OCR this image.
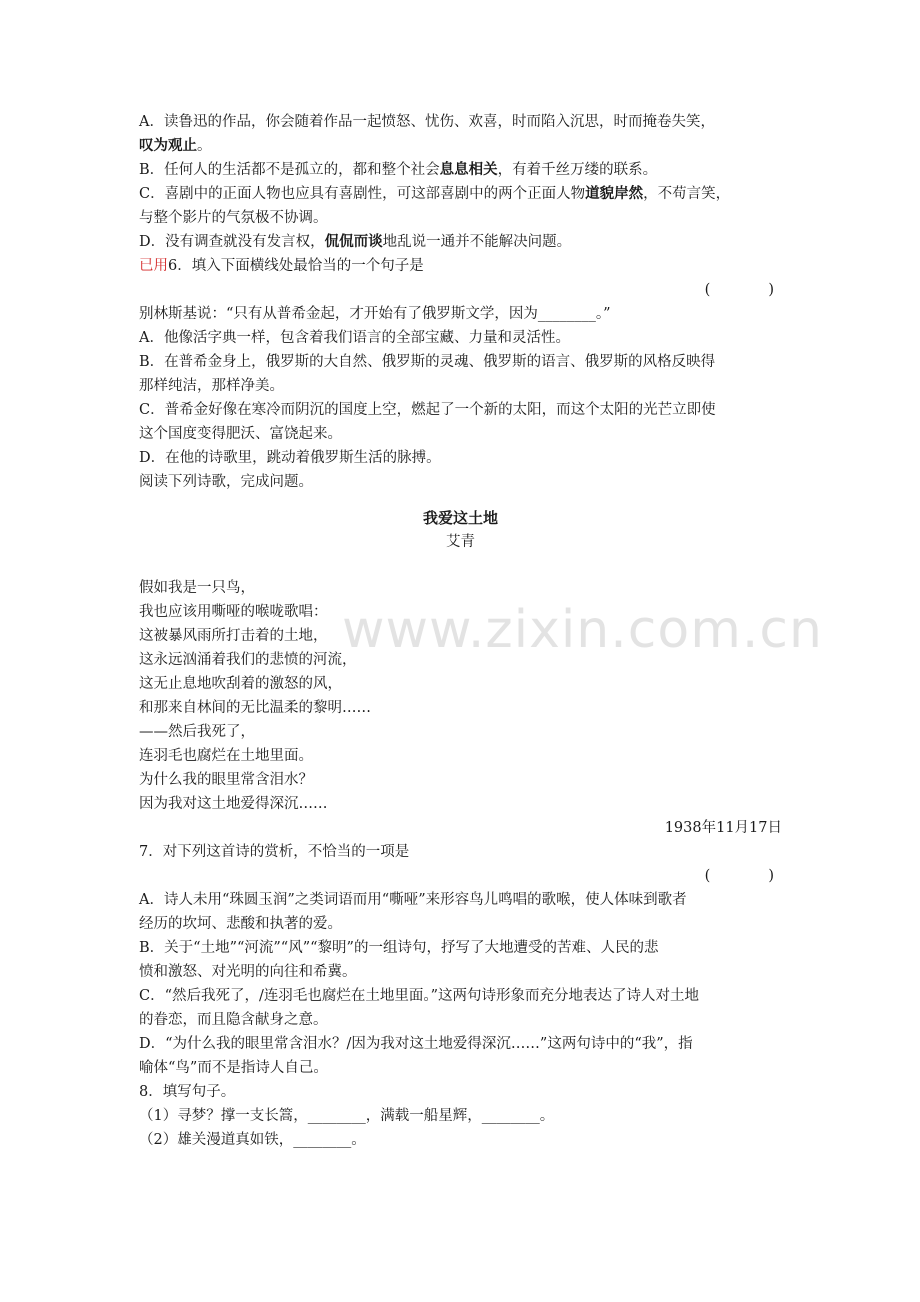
www.zixin.com.cn
A．读鲁迅的作品，你会随着作品一起愤怒、忧伤、欢喜，时而陷入沉思，时而掩卷失笑，
叹为观止。
B．任何人的生活都不是孤立的，都和整个社会息息相关，有着千丝万缕的联系。
C．喜剧中的正面人物也应具有喜剧性，可这部喜剧中的两个正面人物道貌岸然，不苟言笑，
与整个影片的气氛极不协调。
D．没有调查就没有发言权，侃侃而谈地乱说一通并不能解决问题。
已用6．填入下面横线处最恰当的一个句子是
(　　　　)
别林斯基说：“只有从普希金起，才开始有了俄罗斯文学，因为________。”
A．他像活字典一样，包含着我们语言的全部宝藏、力量和灵活性。
B．在普希金身上，俄罗斯的大自然、俄罗斯的灵魂、俄罗斯的语言、俄罗斯的风格反映得
那样纯洁，那样净美。
C．普希金好像在寒冷而阴沉的国度上空，燃起了一个新的太阳，而这个太阳的光芒立即使
这个国度变得肥沃、富饶起来。
D．在他的诗歌里，跳动着俄罗斯生活的脉搏。
阅读下列诗歌，完成问题。
我爱这土地
艾青
假如我是一只鸟，
我也应该用嘶哑的喉咙歌唱：
这被暴风雨所打击着的土地，
这永远汹涌着我们的悲愤的河流，
这无止息地吹刮着的激怒的风，
和那来自林间的无比温柔的黎明……
——然后我死了，
连羽毛也腐烂在土地里面。
为什么我的眼里常含泪水？
因为我对这土地爱得深沉……
1938年11月17日
7．对下列这首诗的赏析，不恰当的一项是
(　　　　)
A．诗人未用“珠圆玉润”之类词语而用“嘶哑”来形容鸟儿鸣唱的歌喉，使人体味到歌者
经历的坎坷、悲酸和执著的爱。
B．关于“土地”“河流”“风”“黎明”的一组诗句，抒写了大地遭受的苦难、人民的悲
愤和激怒、对光明的向往和希冀。
C．“然后我死了，/连羽毛也腐烂在土地里面。”这两句诗形象而充分地表达了诗人对土地
的眷恋，而且隐含献身之意。
D．“为什么我的眼里常含泪水？/因为我对这土地爱得深沉……”这两句诗中的“我”，指
喻体“鸟”而不是指诗人自己。
8．填写句子。
（1）寻梦？撑一支长篙，________，满载一船星辉，________。
（2）雄关漫道真如铁，________。
